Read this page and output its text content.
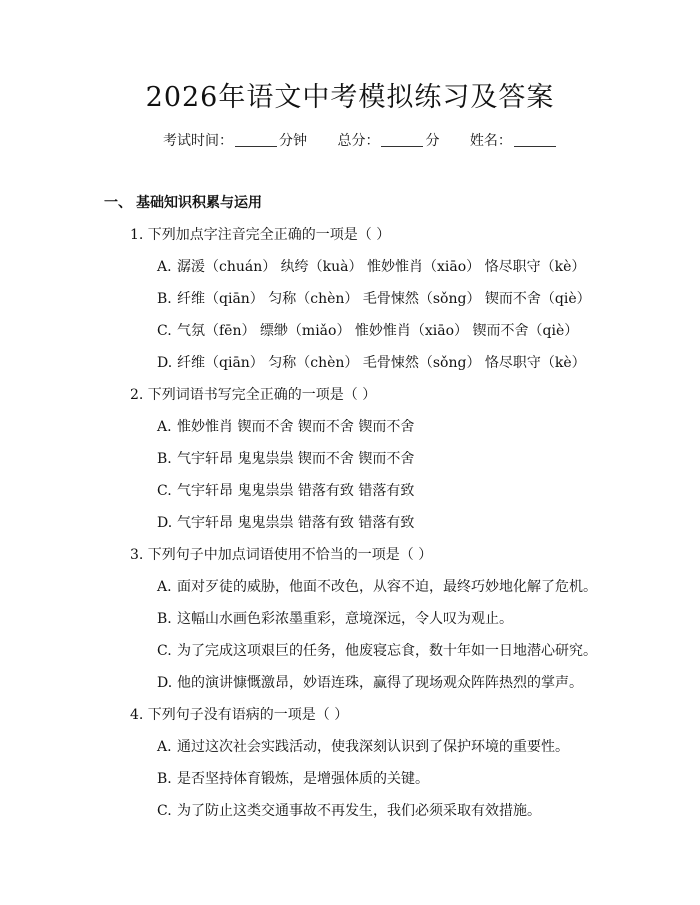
2026年语文中考模拟练习及答案
考试时间：	分钟 总分：	分 姓名：
一、 基础知识积累与运用
1. 下列加点字注音完全正确的一项是（ ）
A. 潺湲（chuán） 纨绔（kuà） 惟妙惟肖（xiāo） 恪尽职守（kè）
B. 纤维（qiān） 匀称（chèn） 毛骨悚然（sǒng） 锲而不舍（qiè）
C. 气氛（fēn） 缥缈（miǎo） 惟妙惟肖（xiāo） 锲而不舍（qiè）
D. 纤维（qiān） 匀称（chèn） 毛骨悚然（sǒng） 恪尽职守（kè）
2. 下列词语书写完全正确的一项是（ ）
A. 惟妙惟肖 锲而不舍 锲而不舍 锲而不舍
B. 气宇轩昂 鬼鬼祟祟 锲而不舍 锲而不舍
C. 气宇轩昂 鬼鬼祟祟 错落有致 错落有致
D. 气宇轩昂 鬼鬼祟祟 错落有致 错落有致
3. 下列句子中加点词语使用不恰当的一项是（ ）
A. 面对歹徒的威胁，他面不改色，从容不迫，最终巧妙地化解了危机。
B. 这幅山水画色彩浓墨重彩，意境深远，令人叹为观止。
C. 为了完成这项艰巨的任务，他废寝忘食，数十年如一日地潜心研究。
D. 他的演讲慷慨激昂，妙语连珠，赢得了现场观众阵阵热烈的掌声。
4. 下列句子没有语病的一项是（ ）
A. 通过这次社会实践活动，使我深刻认识到了保护环境的重要性。
B. 是否坚持体育锻炼，是增强体质的关键。
C. 为了防止这类交通事故不再发生，我们必须采取有效措施。
